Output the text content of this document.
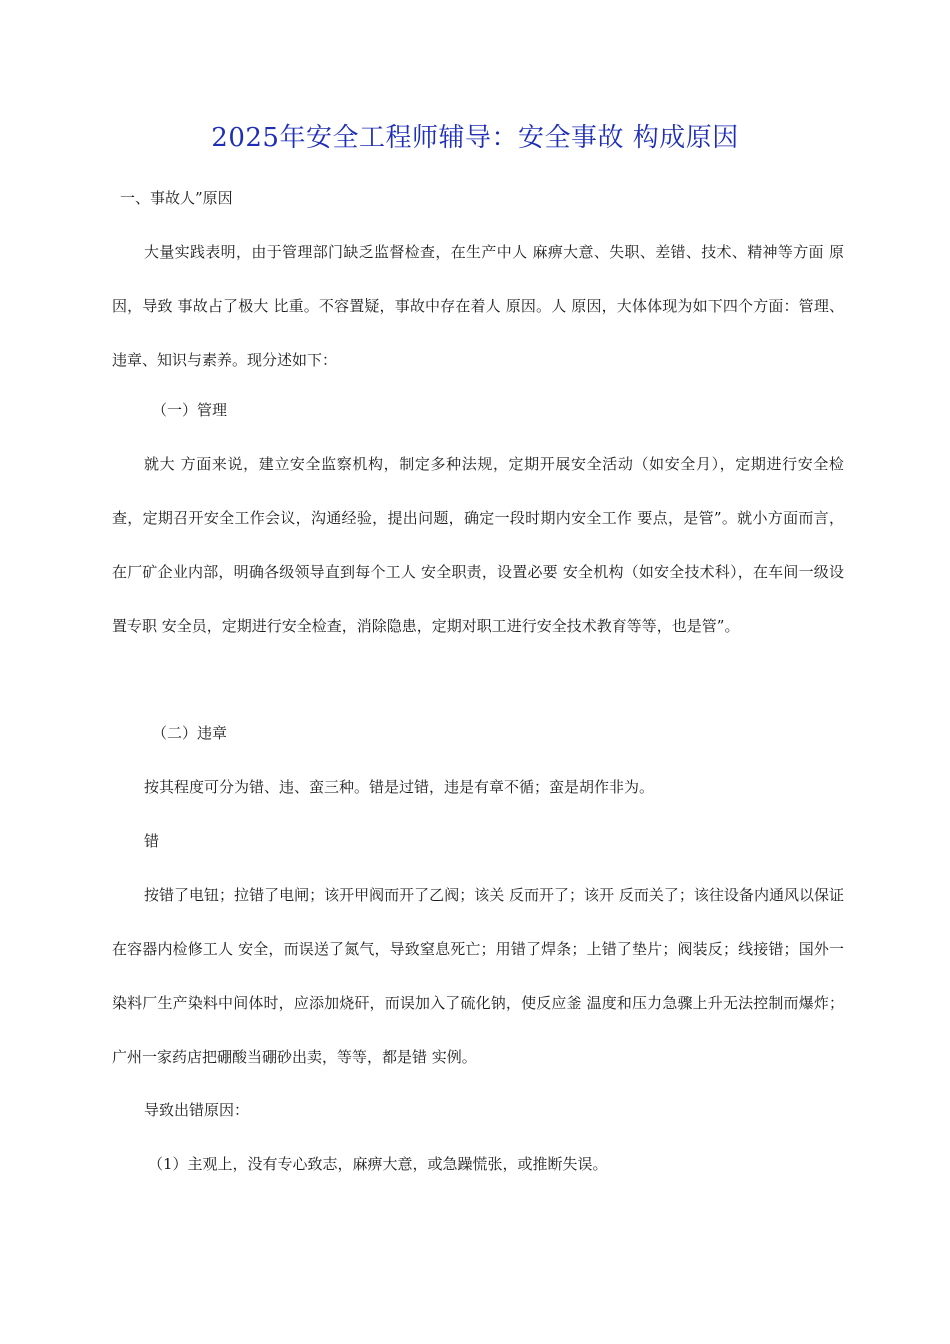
2025年安全工程师辅导：安全事故 构成原因
一、事故人”原因

大量实践表明，由于管理部门缺乏监督检查，在生产中人 麻痹大意、失职、差错、技术、精神等方面 原因，导致 事故占了极大 比重。不容置疑，事故中存在着人 原因。人 原因，大体体现为如下四个方面：管理、违章、知识与素养。现分述如下：

（一）管理

就大 方面来说，建立安全监察机构，制定多种法规，定期开展安全活动（如安全月），定期进行安全检查，定期召开安全工作会议，沟通经验，提出问题，确定一段时期内安全工作 要点，是管”。就小方面而言，在厂矿企业内部，明确各级领导直到每个工人 安全职责，设置必要 安全机构（如安全技术科），在车间一级设置专职 安全员，定期进行安全检查，消除隐患，定期对职工进行安全技术教育等等，也是管”。

（二）违章
按其程度可分为错、违、蛮三种。错是过错，违是有章不循；蛮是胡作非为。
错

按错了电钮；拉错了电闸；该开甲阀而开了乙阀；该关 反而开了；该开 反而关了；该往设备内通风以保证在容器内检修工人 安全，而误送了氮气，导致窒息死亡；用错了焊条；上错了垫片；阀装反；线接错；国外一染料厂生产染料中间体时，应添加烧矸，而误加入了硫化钠，使反应釜 温度和压力急骤上升无法控制而爆炸；广州一家药店把硼酸当硼砂出卖，等等，都是错 实例。

导致出错原因：
（1）主观上，没有专心致志，麻痹大意，或急躁慌张，或推断失误。
